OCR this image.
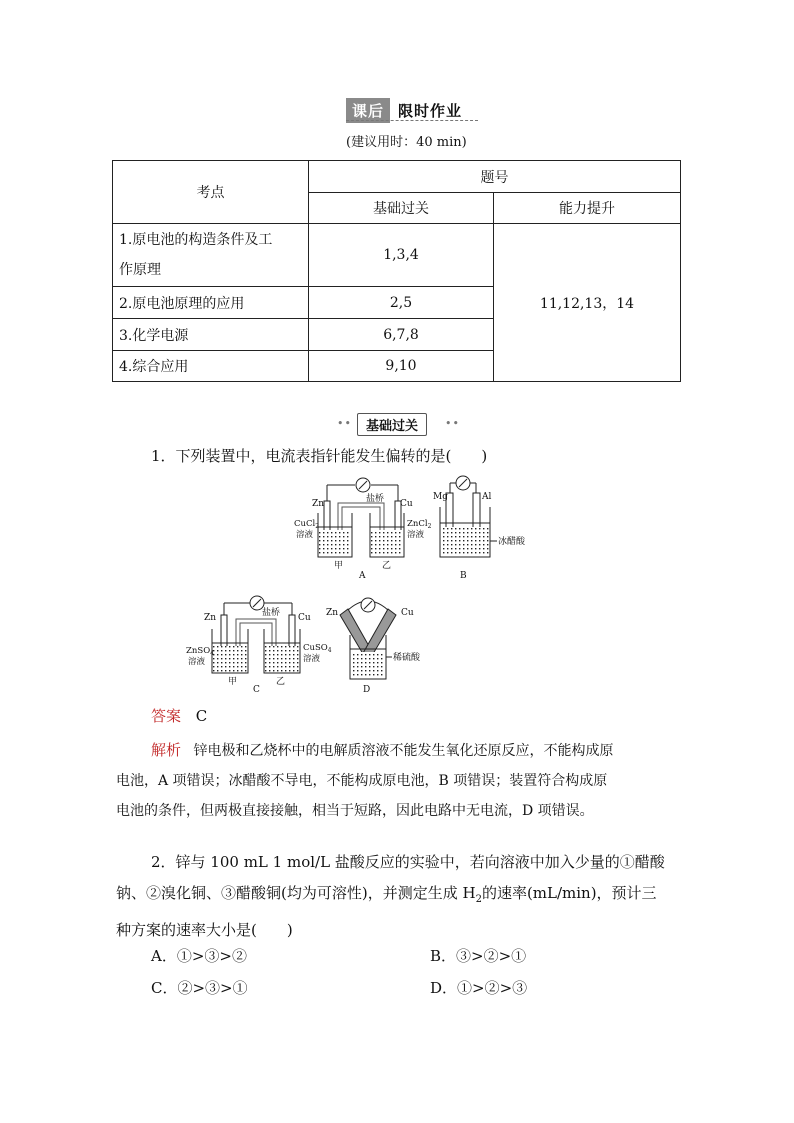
课后 限时作业
(建议用时：40 min)
考点	题号	
	基础过关	能力提升
1.原电池的构造条件及工
作原理	1,3,4	11,12,13，14
2.原电池原理的应用	2,5	
3.化学电源	6,7,8	
4.综合应用	9,10	
••	基础过关	••
1．下列装置中，电流表指针能发生偏转的是(　　)
Zn	Cu
盐桥
CuCl$_2$
溶液
ZnCl$_2$
溶液
甲	乙
A
Mg	Al
冰醋酸
B
Zn	Cu
盐桥
ZnSO$_4$
溶液
CuSO$_4$
溶液
甲	乙
C
Zn	Cu
稀硫酸
D
答案 C
解析 锌电极和乙烧杯中的电解质溶液不能发生氧化还原反应，不能构成原
电池，A 项错误；冰醋酸不导电，不能构成原电池，B 项错误；装置符合构成原
电池的条件，但两极直接接触，相当于短路，因此电路中无电流，D 项错误。
2．锌与 100 mL 1 mol/L 盐酸反应的实验中，若向溶液中加入少量的①醋酸
钠、②溴化铜、③醋酸铜(均为可溶性)，并测定生成 $H_2$的速率(mL/min)，预计三
种方案的速率大小是(　　)
A．①>③>②	B．③>②>①
C．②>③>①	D．①>②>③
